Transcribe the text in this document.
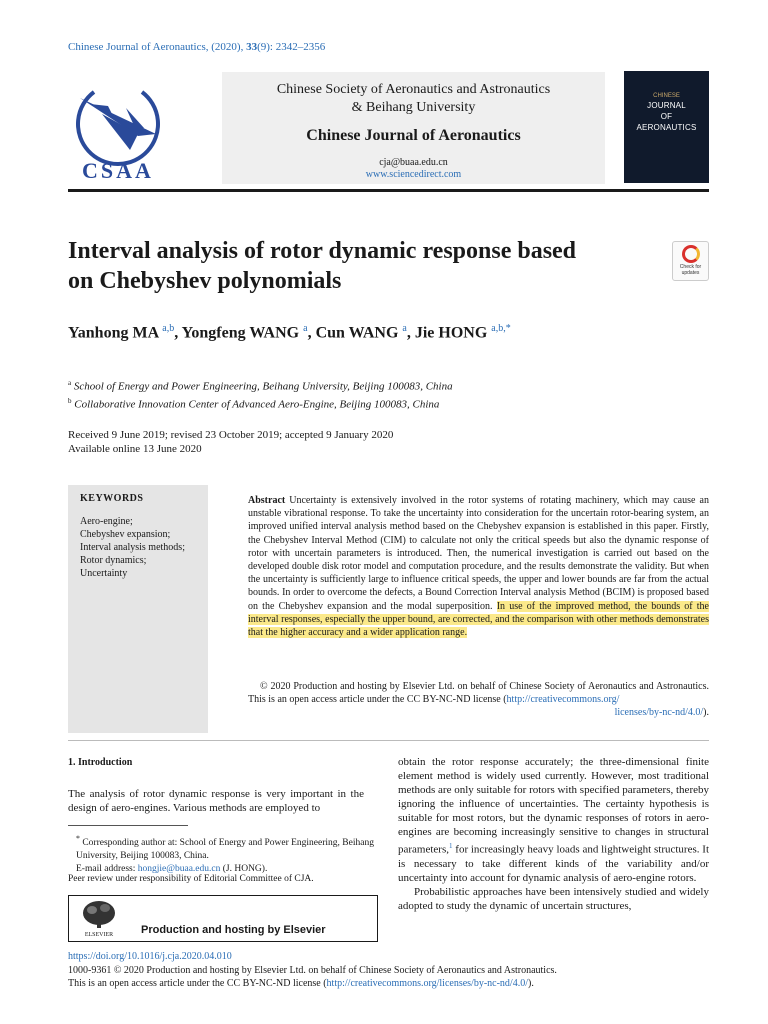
Chinese Journal of Aeronautics, (2020), 33(9): 2342–2356
CSAA
Chinese Society of Aeronautics and Astronautics
& Beihang University
Chinese Journal of Aeronautics
cja@buaa.edu.cn
www.sciencedirect.com
CHINESE
JOURNAL
OF
AERONAUTICS
Interval analysis of rotor dynamic response based
on Chebyshev polynomials
Check for
updates
Yanhong MA $^{a,b}$, Yongfeng WANG $^a$, Cun WANG $^a$, Jie HONG $^{a,b,*}$
$^a$ School of Energy and Power Engineering, Beihang University, Beijing 100083, China
$^b$ Collaborative Innovation Center of Advanced Aero-Engine, Beijing 100083, China
Received 9 June 2019; revised 23 October 2019; accepted 9 January 2020
Available online 13 June 2020
KEYWORDS
Aero-engine;
Chebyshev expansion;
Interval analysis methods;
Rotor dynamics;
Uncertainty
Abstract Uncertainty is extensively involved in the rotor systems of rotating machinery, which may cause an unstable vibrational response. To take the uncertainty into consideration for the uncertain rotor-bearing system, an improved unified interval analysis method based on the Chebyshev expansion is established in this paper. Firstly, the Chebyshev Interval Method (CIM) to calculate not only the critical speeds but also the dynamic response of rotor with uncertain parameters is introduced. Then, the numerical investigation is carried out based on the developed double disk rotor model and computation procedure, and the results demonstrate the validity. But when the uncertainty is sufficiently large to influence critical speeds, the upper and lower bounds are far from the actual bounds. In order to overcome the defects, a Bound Correction Interval analysis Method (BCIM) is proposed based on the Chebyshev expansion and the modal superposition. In use of the improved method, the bounds of the interval responses, especially the upper bound, are corrected, and the comparison with other methods demonstrates that the higher accuracy and a wider application range.
© 2020 Production and hosting by Elsevier Ltd. on behalf of Chinese Society of Aeronautics and Astronautics. This is an open access article under the CC BY-NC-ND license (http://creativecommons.org/
licenses/by-nc-nd/4.0/).
1. Introduction
The analysis of rotor dynamic response is very important in the design of aero-engines. Various methods are employed to
* Corresponding author at: School of Energy and Power Engineering, Beihang University, Beijing 100083, China.
E-mail address: hongjie@buaa.edu.cn (J. HONG).
Peer review under responsibility of Editorial Committee of CJA.
ELSEVIER	Production and hosting by Elsevier
obtain the rotor response accurately; the three-dimensional finite element method is widely used currently. However, most traditional methods are only suitable for rotors with specified parameters, thereby ignoring the influence of uncertainties. The certainty hypothesis is suitable for most rotors, but the dynamic responses of rotors in aero-engines are becoming increasingly sensitive to changes in structural parameters,$^1$ for increasingly heavy loads and lightweight structures. It is necessary to take different kinds of the variability and/or uncertainty into account for dynamic analysis of aero-engine rotors.
Probabilistic approaches have been intensively studied and widely adopted to study the dynamic of uncertain structures,
https://doi.org/10.1016/j.cja.2020.04.010
1000-9361 © 2020 Production and hosting by Elsevier Ltd. on behalf of Chinese Society of Aeronautics and Astronautics.
This is an open access article under the CC BY-NC-ND license (http://creativecommons.org/licenses/by-nc-nd/4.0/).
